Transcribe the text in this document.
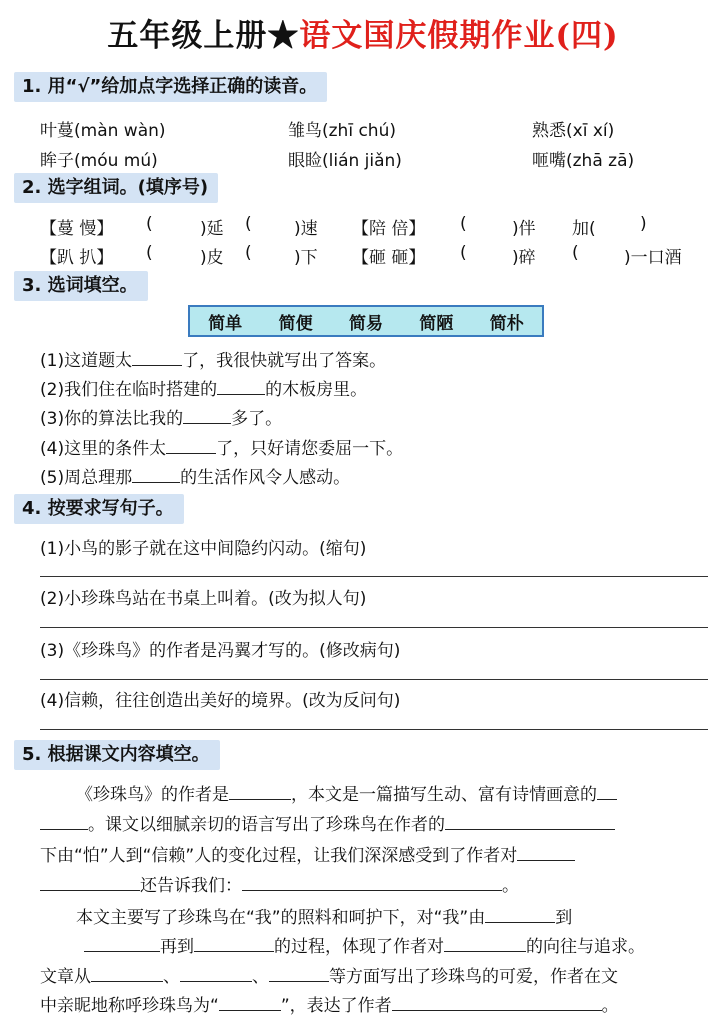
五年级上册★语文国庆假期作业(四)
1. 用“√”给加点字选择正确的读音。
叶蔓(màn wàn)	雏鸟(zhī chú)	熟悉(xī xí)
眸子(móu mú)	眼睑(lián jiǎn)	咂嘴(zhā zā)
2. 选字组词。(填序号)
【蔓 慢】 (	)延 ( )速 【陪 倍】 (	)伴 加(	)
【趴 扒】 (	)皮 ( )下 【砸 砸】 (	)碎 (	)一口酒
3. 选词填空。
简单 简便 简易 简陋 简朴
(1)这道题太	了，我很快就写出了答案。
(2)我们住在临时搭建的	的木板房里。
(3)你的算法比我的	多了。
(4)这里的条件太	了，只好请您委屈一下。
(5)周总理那	的生活作风令人感动。
4. 按要求写句子。
(1)小鸟的影子就在这中间隐约闪动。(缩句)
(2)小珍珠鸟站在书桌上叫着。(改为拟人句)
(3)《珍珠鸟》的作者是冯翼才写的。(修改病句)
(4)信赖，往往创造出美好的境界。(改为反问句)
5. 根据课文内容填空。
《珍珠鸟》的作者是	，本文是一篇描写生动、富有诗情画意的
。课文以细腻亲切的语言写出了珍珠鸟在作者的
下由“怕”人到“信赖”人的变化过程，让我们深深感受到了作者对
还告诉我们：	。
本文主要写了珍珠鸟在“我”的照料和呵护下，对“我”由	到
再到	的过程，体现了作者对	的向往与追求。
文章从	、	、	等方面写出了珍珠鸟的可爱，作者在文
中亲昵地称呼珍珠鸟为“	”，表达了作者	。
